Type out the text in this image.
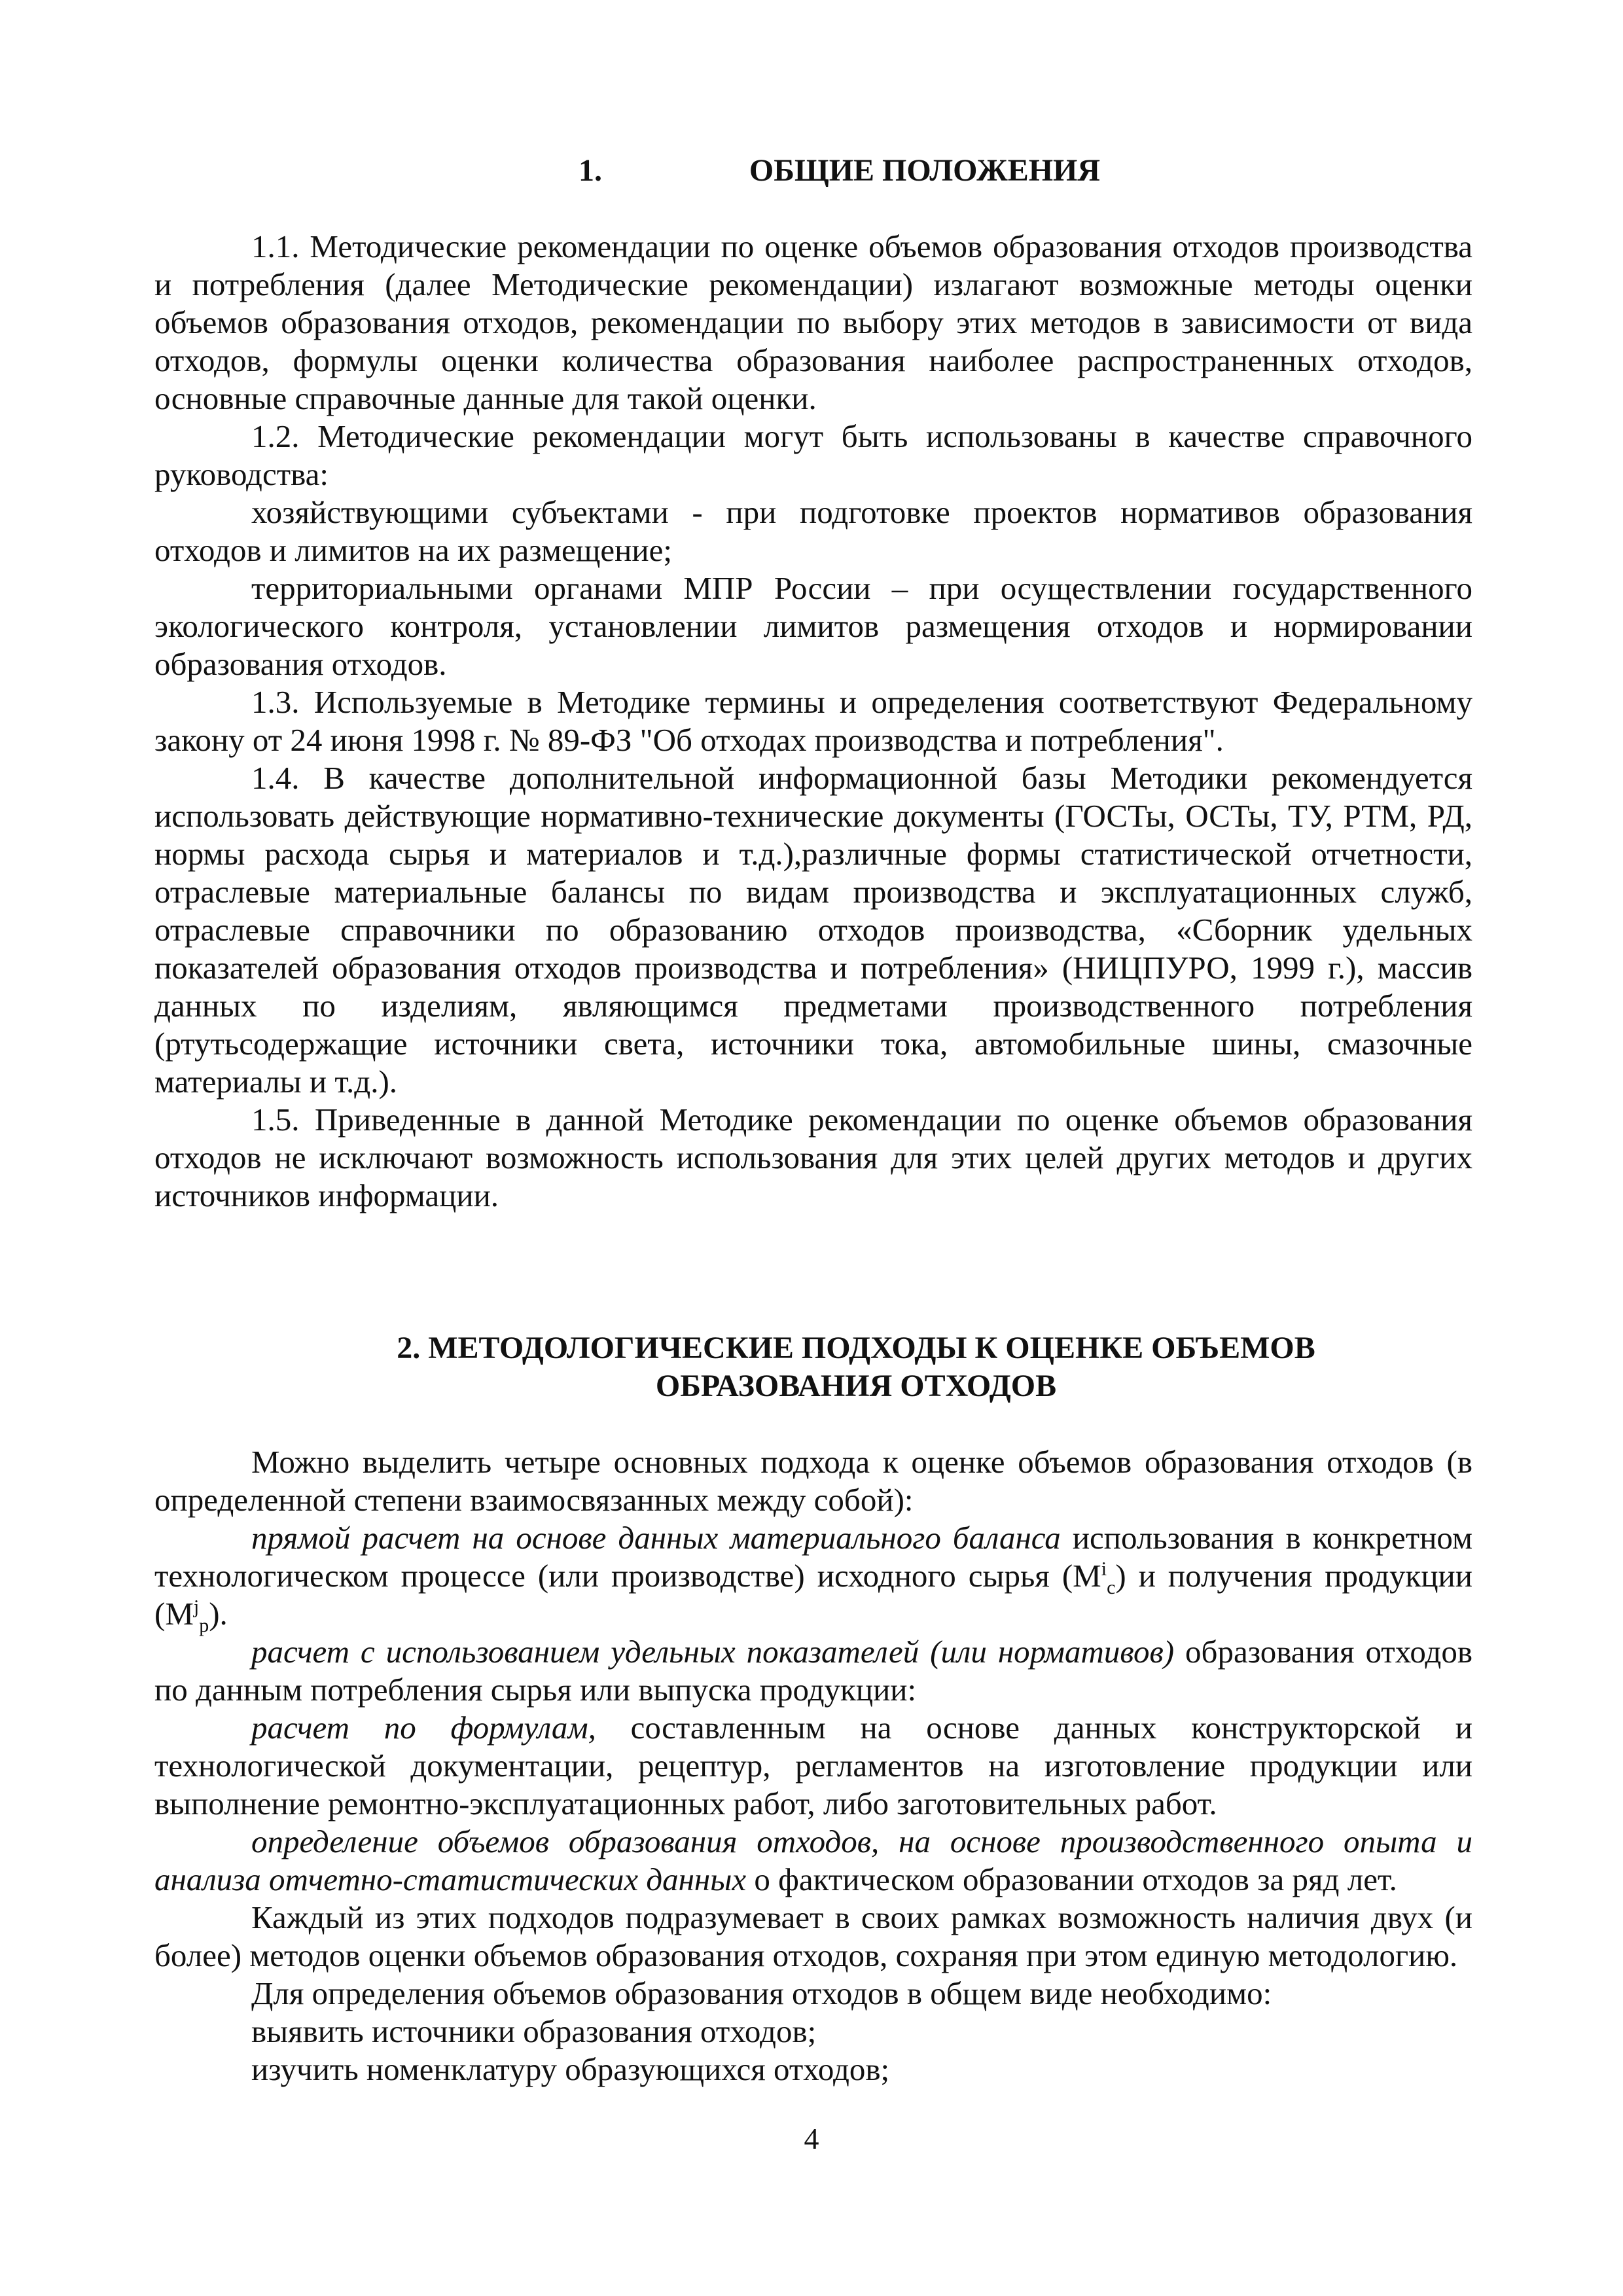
1.	ОБЩИЕ ПОЛОЖЕНИЯ

1.1. Методические рекомендации по оценке объемов образования отходов производства и потребления (далее Методические рекомендации) излагают возможные методы оценки объемов образования отходов, рекомендации по выбору этих методов в зависимости от вида отходов, формулы оценки количества образования наиболее распространенных отходов, основные справочные данные для такой оценки.

1.2. Методические рекомендации могут быть использованы в качестве справочного руководства:

хозяйствующими субъектами - при подготовке проектов нормативов образования отходов и лимитов на их размещение;

территориальными органами МПР России – при осуществлении государственного экологического контроля, установлении лимитов размещения отходов и нормировании образования отходов.

1.3. Используемые в Методике термины и определения соответствуют Федеральному закону от 24 июня 1998 г. № 89-ФЗ "Об отходах производства и потребления".

1.4. В качестве дополнительной информационной базы Методики рекомендуется использовать действующие нормативно-технические документы (ГОСТы, ОСТы, ТУ, РТМ, РД, нормы расхода сырья и материалов и т.д.),различные формы статистической отчетности, отраслевые материальные балансы по видам производства и эксплуатационных служб, отраслевые справочники по образованию отходов производства, «Сборник удельных показателей образования отходов производства и потребления» (НИЦПУРО, 1999 г.), массив данных по изделиям, являющимся предметами производственного потребления (ртутьсодержащие источники света, источники тока, автомобильные шины, смазочные материалы и т.д.).

1.5. Приведенные в данной Методике рекомендации по оценке объемов образования отходов не исключают возможность использования для этих целей других методов и других источников информации.

2. МЕТОДОЛОГИЧЕСКИЕ ПОДХОДЫ К ОЦЕНКЕ ОБЪЕМОВ
ОБРАЗОВАНИЯ ОТХОДОВ

Можно выделить четыре основных подхода к оценке объемов образования отходов (в определенной степени взаимосвязанных между собой):

прямой расчет на основе данных материального баланса использования в конкретном технологическом процессе (или производстве) исходного сырья $(М^i_с)$ и получения продукции $(М^j_р)$.

расчет с использованием удельных показателей (или нормативов) образования отходов по данным потребления сырья или выпуска продукции:

расчет по формулам, составленным на основе данных конструкторской и технологической документации, рецептур, регламентов на изготовление продукции или выполнение ремонтно-эксплуатационных работ, либо заготовительных работ.

определение объемов образования отходов, на основе производственного опыта и анализа отчетно-статистических данных о фактическом образовании отходов за ряд лет.

Каждый из этих подходов подразумевает в своих рамках возможность наличия двух (и более) методов оценки объемов образования отходов, сохраняя при этом единую методологию.

Для определения объемов образования отходов в общем виде необходимо:

выявить источники образования отходов;

изучить номенклатуру образующихся отходов;

4
